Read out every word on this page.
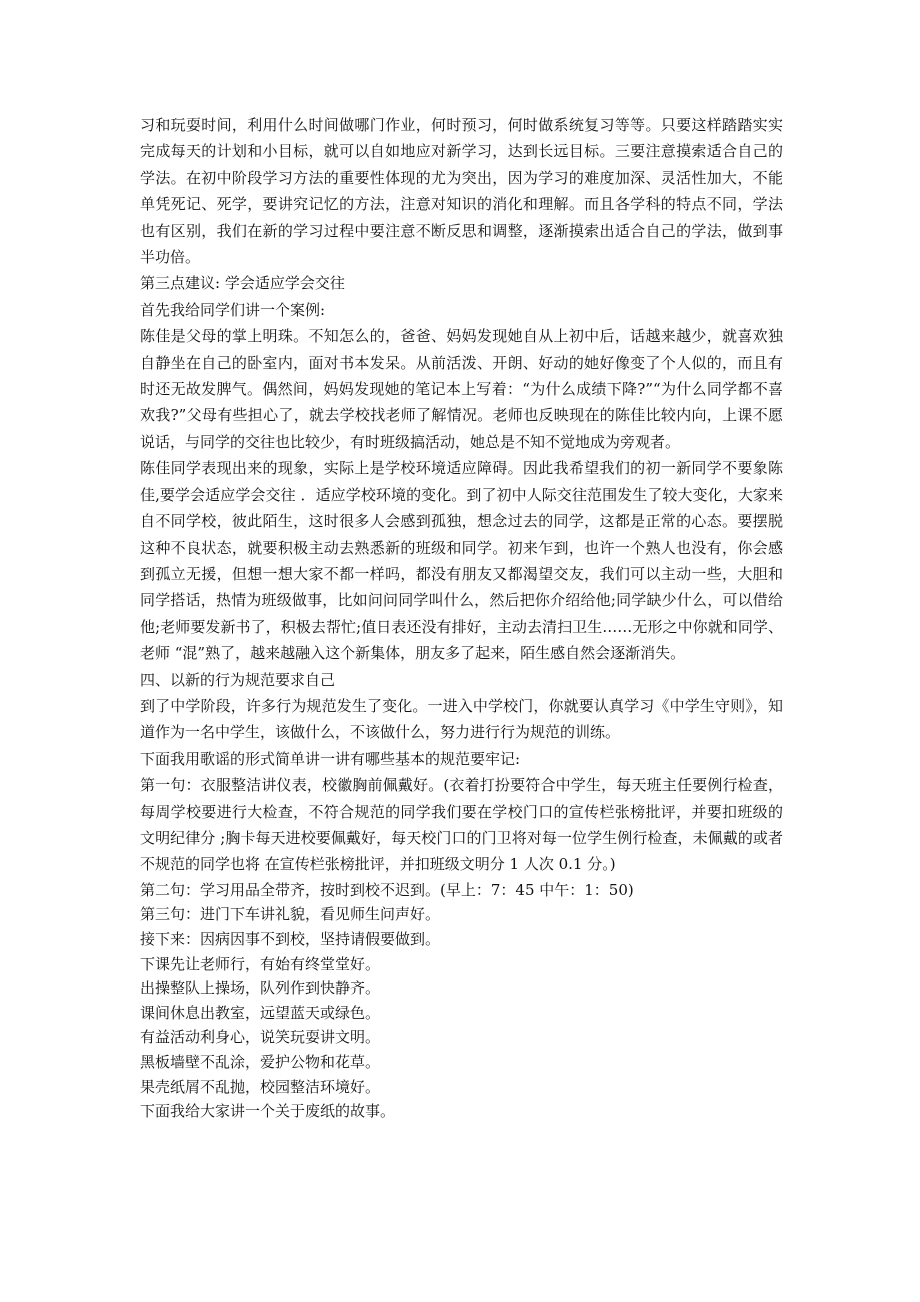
习和玩耍时间，利用什么时间做哪门作业，何时预习，何时做系统复习等等。只要这样踏踏实实完成每天的计划和小目标，就可以自如地应对新学习，达到长远目标。三要注意摸索适合自己的学法。在初中阶段学习方法的重要性体现的尤为突出，因为学习的难度加深、灵活性加大，不能单凭死记、死学，要讲究记忆的方法，注意对知识的消化和理解。而且各学科的特点不同，学法也有区别，我们在新的学习过程中要注意不断反思和调整，逐渐摸索出适合自己的学法，做到事半功倍。

第三点建议: 学会适应学会交往

首先我给同学们讲一个案例:

陈佳是父母的掌上明珠。不知怎么的，爸爸、妈妈发现她自从上初中后，话越来越少，就喜欢独自静坐在自己的卧室内，面对书本发呆。从前活泼、开朗、好动的她好像变了个人似的，而且有时还无故发脾气。偶然间，妈妈发现她的笔记本上写着：“为什么成绩下降?”“为什么同学都不喜欢我?”父母有些担心了，就去学校找老师了解情况。老师也反映现在的陈佳比较内向，上课不愿说话，与同学的交往也比较少，有时班级搞活动，她总是不知不觉地成为旁观者。

陈佳同学表现出来的现象，实际上是学校环境适应障碍。因此我希望我们的初一新同学不要象陈佳,要学会适应学会交往 ．适应学校环境的变化。到了初中人际交往范围发生了较大变化，大家来自不同学校，彼此陌生，这时很多人会感到孤独，想念过去的同学，这都是正常的心态。要摆脱这种不良状态，就要积极主动去熟悉新的班级和同学。初来乍到，也许一个熟人也没有，你会感到孤立无援，但想一想大家不都一样吗，都没有朋友又都渴望交友，我们可以主动一些，大胆和同学搭话，热情为班级做事，比如问问同学叫什么，然后把你介绍给他;同学缺少什么，可以借给他;老师要发新书了，积极去帮忙;值日表还没有排好，主动去清扫卫生……无形之中你就和同学、老师 “混”熟了，越来越融入这个新集体，朋友多了起来，陌生感自然会逐渐消失。

四、以新的行为规范要求自己

到了中学阶段，许多行为规范发生了变化。一进入中学校门，你就要认真学习《中学生守则》，知道作为一名中学生，该做什么，不该做什么，努力进行行为规范的训练。

下面我用歌谣的形式简单讲一讲有哪些基本的规范要牢记:

第一句：衣服整洁讲仪表，校徽胸前佩戴好。(衣着打扮要符合中学生，每天班主任要例行检查，每周学校要进行大检查，不符合规范的同学我们要在学校门口的宣传栏张榜批评，并要扣班级的文明纪律分 ;胸卡每天进校要佩戴好，每天校门口的门卫将对每一位学生例行检查，未佩戴的或者不规范的同学也将 在宣传栏张榜批评，并扣班级文明分 1 人次 0.1 分。)

第二句：学习用品全带齐，按时到校不迟到。(早上：7：45 中午：1：50)

第三句：进门下车讲礼貌，看见师生问声好。

接下来：因病因事不到校，坚持请假要做到。

下课先让老师行，有始有终堂堂好。

出操整队上操场，队列作到快静齐。

课间休息出教室，远望蓝天或绿色。

有益活动利身心，说笑玩耍讲文明。

黑板墙壁不乱涂，爱护公物和花草。

果壳纸屑不乱抛，校园整洁环境好。

下面我给大家讲一个关于废纸的故事。
